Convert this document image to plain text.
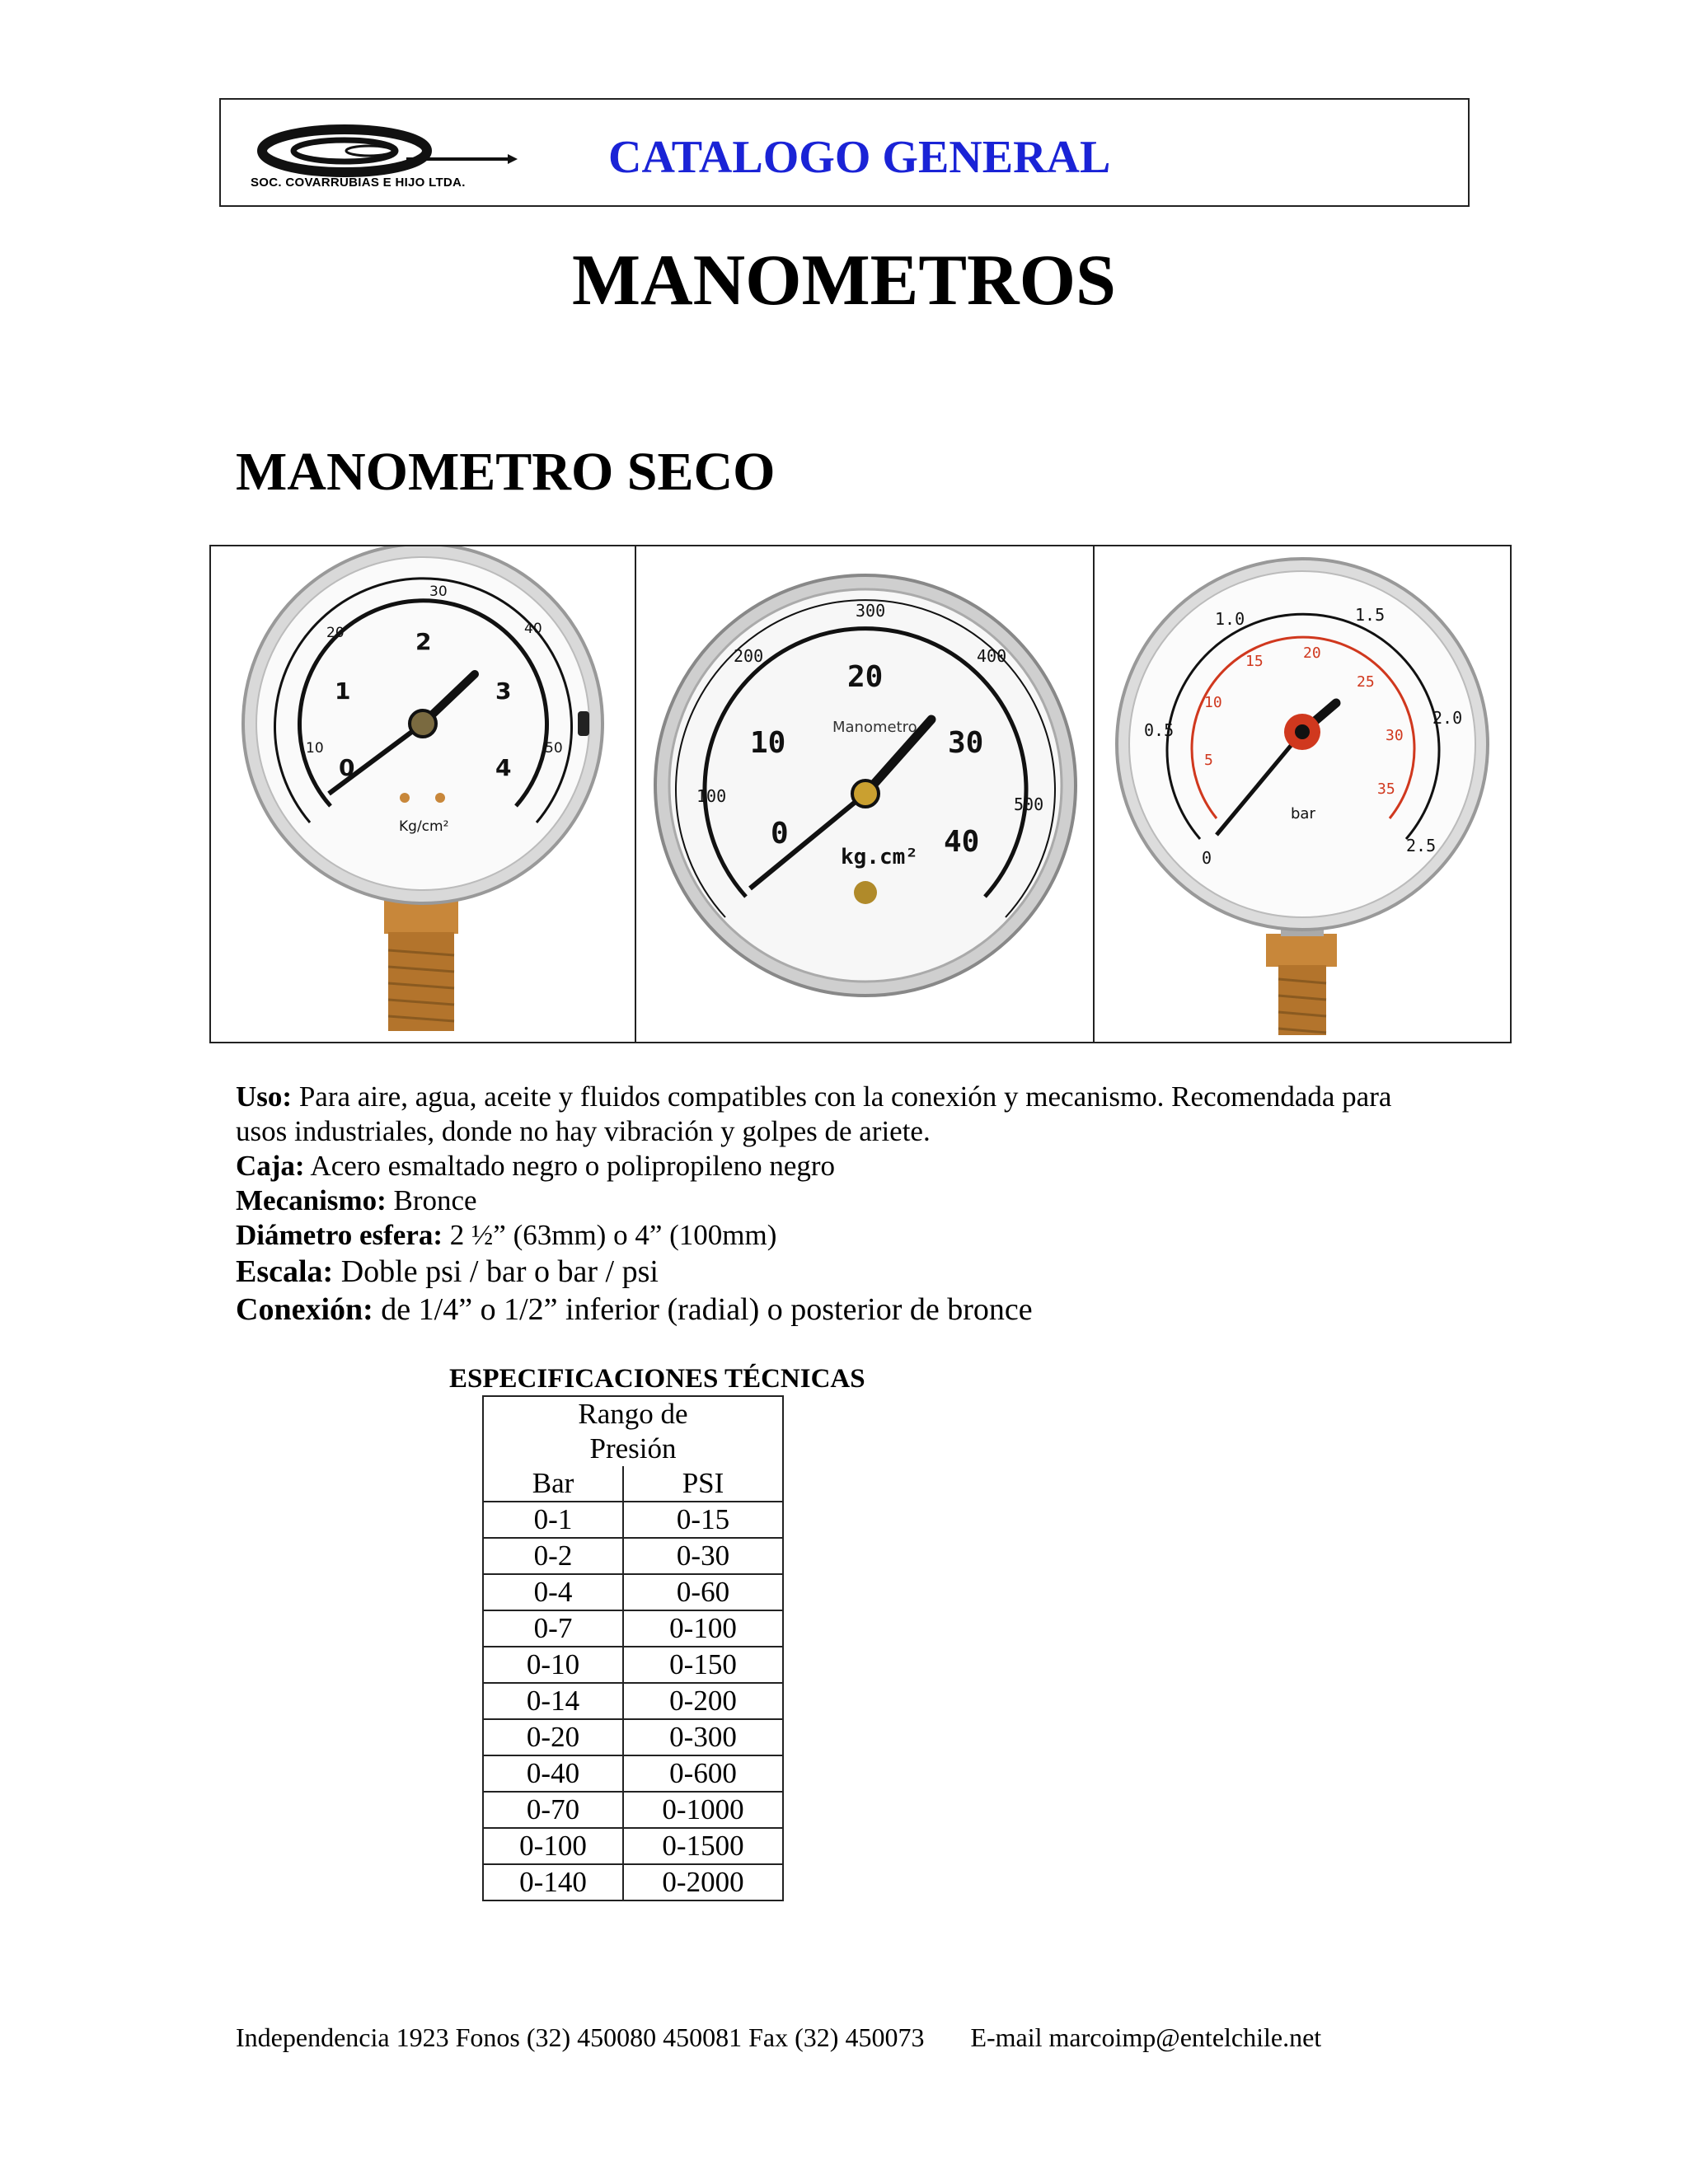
SOC. COVARRUBIAS E HIJO LTDA.	CATALOGO GENERAL
MANOMETROS
MANOMETRO SECO
0
1
2
3
4
10
20
30
40
50
Kg/cm²	0
10
20
30
40
100
200
300
400
500
Manometro
kg.cm²	0
0.5
1.0	1.5
2.0
2.5
5
10
15	20
25
30
35
bar
Uso: Para aire, agua, aceite y fluidos compatibles con la conexión y mecanismo. Recomendada para
usos industriales, donde no hay vibración y golpes de ariete.
Caja: Acero esmaltado negro o polipropileno negro
Mecanismo: Bronce
Diámetro esfera: 2 ½” (63mm) o 4” (100mm)
Escala: Doble psi / bar o bar / psi
Conexión: de 1/4” o 1/2” inferior (radial) o posterior de bronce
ESPECIFICACIONES TÉCNICAS
Rango de
Presión	

Bar	PSI
0-1	0-15
0-2	0-30
0-4	0-60
0-7	0-100
0-10	0-150
0-14	0-200
0-20	0-300
0-40	0-600
0-70	0-1000
0-100	0-1500
0-140	0-2000
Independencia 1923 Fonos (32) 450080 450081 Fax (32) 450073 E-mail marcoimp@entelchile.net
